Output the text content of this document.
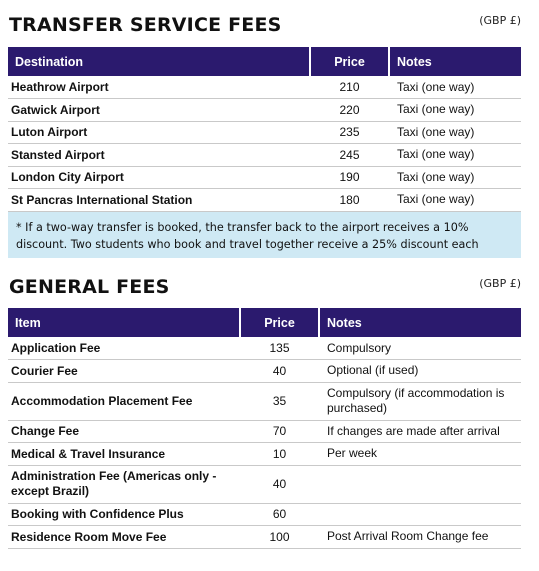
TRANSFER SERVICE FEES	(GBP £)
Destination	Price	Notes
Heathrow Airport	210	Taxi (one way)
Gatwick Airport	220	Taxi (one way)
Luton Airport	235	Taxi (one way)
Stansted Airport	245	Taxi (one way)
London City Airport	190	Taxi (one way)
St Pancras International Station	180	Taxi (one way)
* If a two-way transfer is booked, the transfer back to the airport receives a 10% discount. Two students who book and travel together receive a 25% discount each
GENERAL FEES	(GBP £)
Item	Price	Notes
Application Fee	135	Compulsory
Courier Fee	40	Optional (if used)
Accommodation Placement Fee	35	Compulsory (if accommodation is purchased)
Change Fee	70	If changes are made after arrival
Medical & Travel Insurance	10	Per week
Administration Fee (Americas only - except Brazil)	40	
Booking with Confidence Plus	60	
Residence Room Move Fee	100	Post Arrival Room Change fee
